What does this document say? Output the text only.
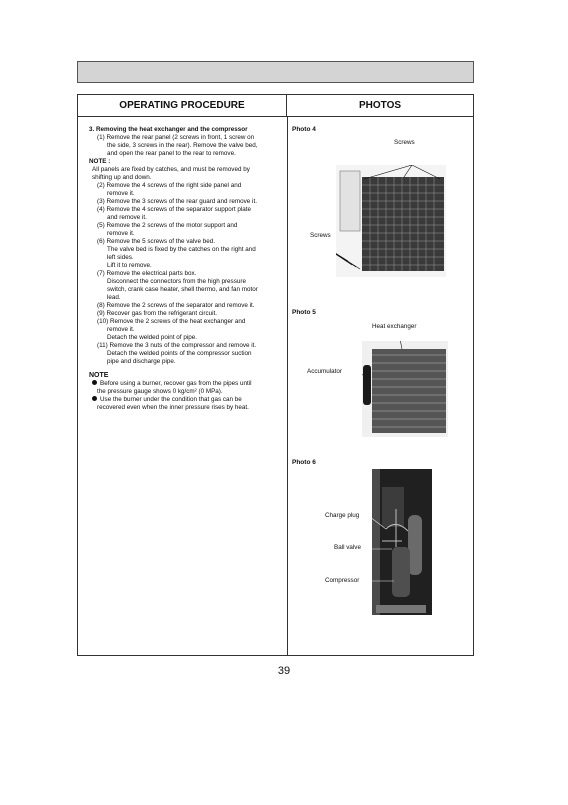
OPERATING PROCEDURE	PHOTOS
3. Removing the heat exchanger and the compressor
(1) Remove the rear panel (2 screws in front, 1 screw on
the side, 3 screws in the rear). Remove the valve bed,
and open the rear panel to the rear to remove.
NOTE :
All panels are fixed by catches, and must be removed by
shifting up and down.
(2) Remove the 4 screws of the right side panel and
remove it.
(3) Remove the 3 screws of the rear guard and remove it.
(4) Remove the 4 screws of the separator support plate
and remove it.
(5) Remove the 2 screws of the motor support and
remove it.
(6) Remove the 5 screws of the valve bed.
The valve bed is fixed by the catches on the right and
left sides.
Lift it to remove.
(7) Remove the electrical parts box.
Disconnect the connectors from the high pressure
switch, crank case heater, shell thermo, and fan motor
lead.
(8) Remove the 2 screws of the separator and remove it.
(9) Recover gas from the refrigerant circuit.
(10) Remove the 2 screws of the heat exchanger and
remove it.
Detach the welded point of pipe.
(11) Remove the 3 nuts of the compressor and remove it.
Detach the welded points of the compressor suction
pipe and discharge pipe.
NOTE
Before using a burner, recover gas from the pipes until
the pressure gauge shows 0 kg/cm² (0 MPa).
Use the burner under the condition that gas can be
recovered even when the inner pressure rises by heat.
Photo 4
Screws
Screws
Photo 5
Heat exchanger
Accumulator
Photo 6
Charge plug
Ball valve
Compressor
39
